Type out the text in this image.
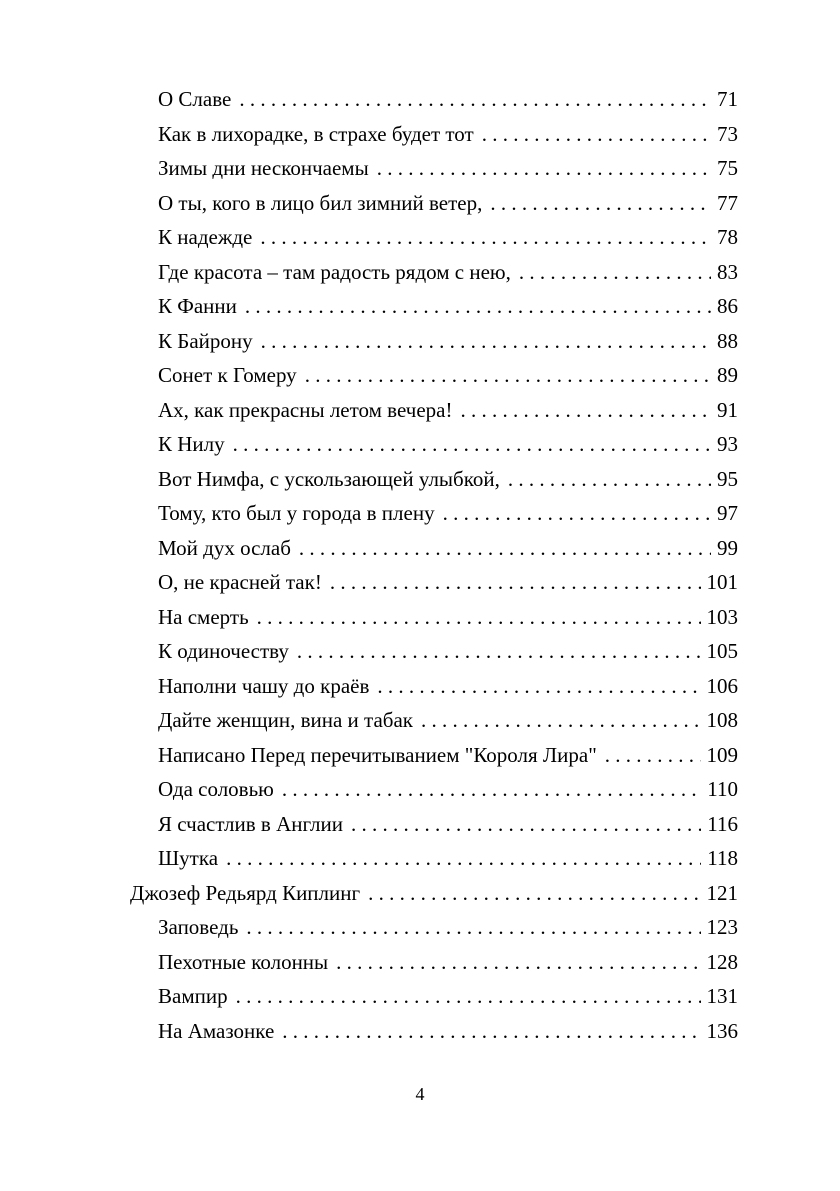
О Славе . . .	71
Как в лихорадке, в страхе будет тот . . .	73
Зимы дни нескончаемы . . .	75
О ты, кого в лицо бил зимний ветер, . . .	77
К надежде . . .	78
Где красота – там радость рядом с нею, . . .	83
К Фанни . . .	86
К Байрону . . .	88
Сонет к Гомеру . . .	89
Ах, как прекрасны летом вечера! . . .	91
К Нилу . . .	93
Вот Нимфа, с ускользающей улыбкой, . . .	95
Тому, кто был у города в плену . . .	97
Мой дух ослаб . . .	99
О, не красней так! . . .	101
На смерть . . .	103
К одиночеству . . .	105
Наполни чашу до краёв . . .	106
Дайте женщин, вина и табак . . .	108
Написано Перед перечитыванием "Короля Лира" . . .	109
Ода соловью . . .	110
Я счастлив в Англии . . .	116
Шутка . . .	118
Джозеф Редьярд Киплинг . . .	121
Заповедь . . .	123
Пехотные колонны . . .	128
Вампир . . .	131
На Амазонке . . .	136
4
